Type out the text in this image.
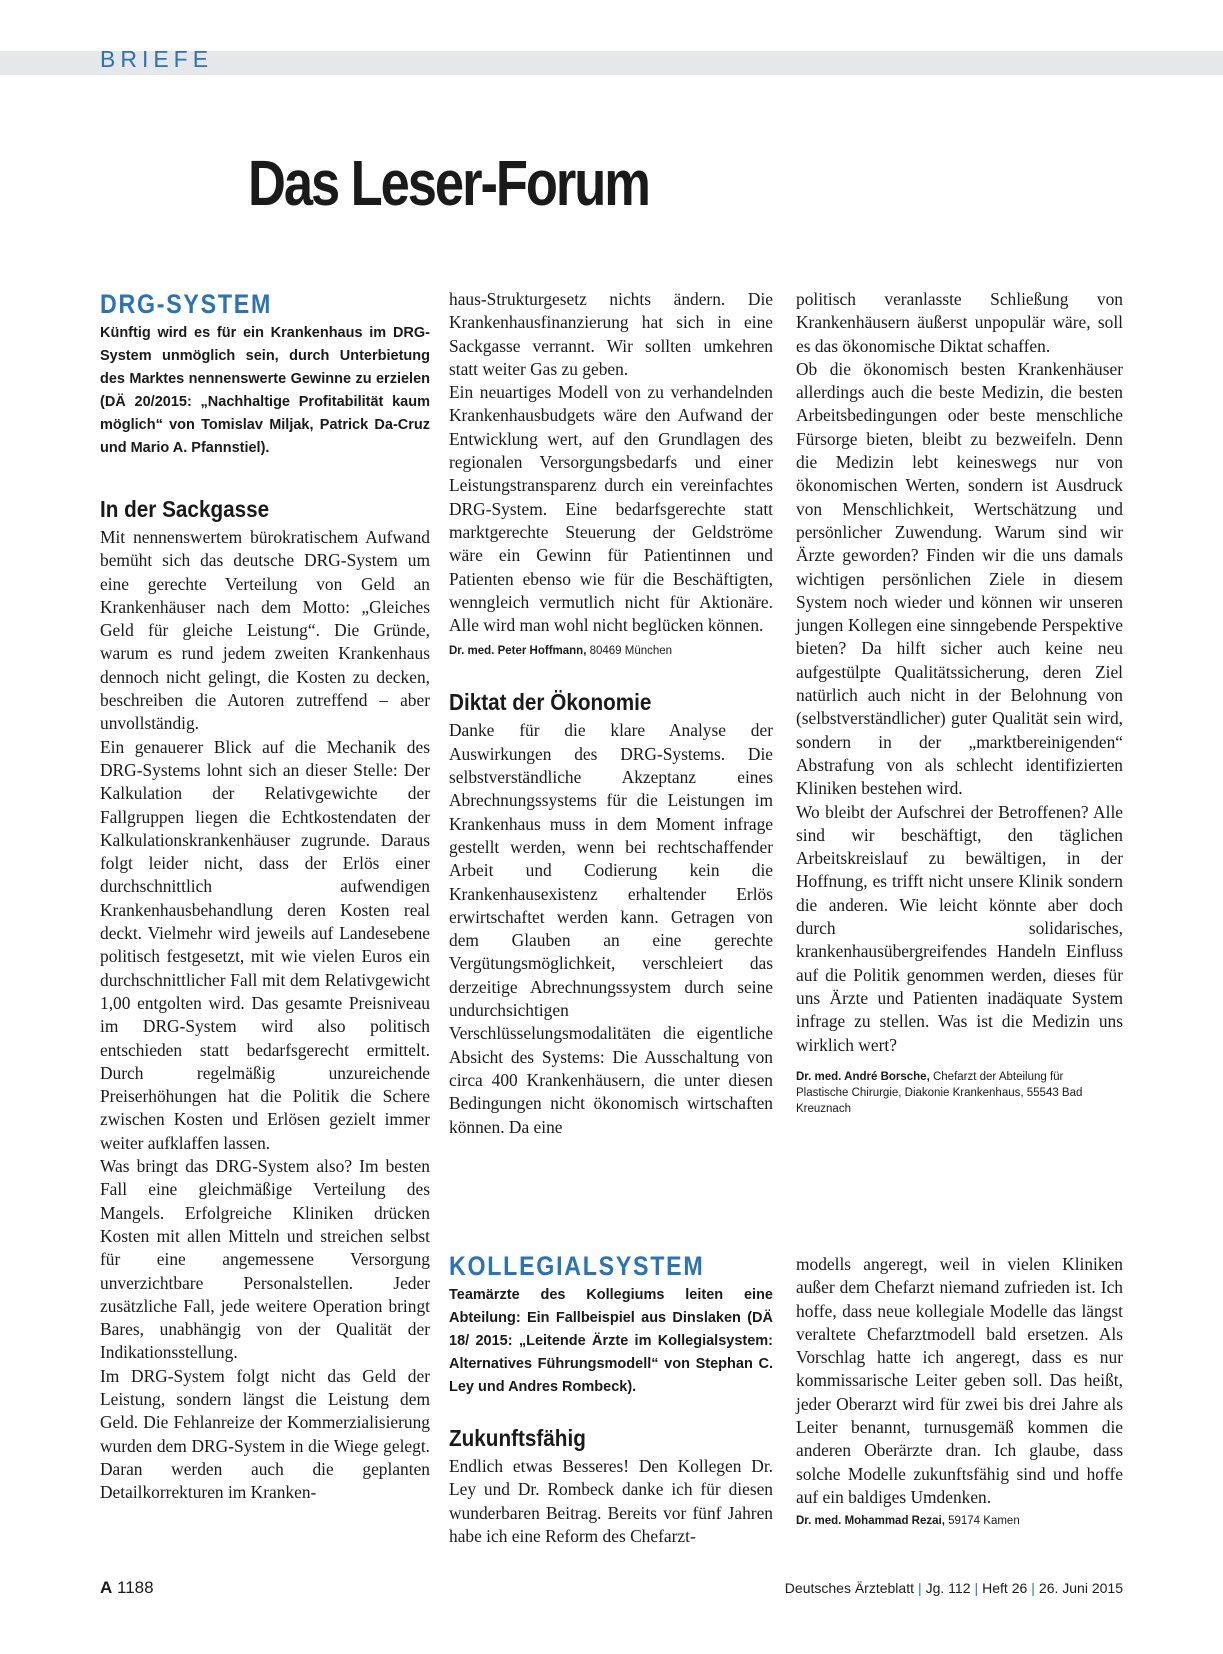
BRIEFE
Das Leser-Forum
DRG-SYSTEM

Künftig wird es für ein Krankenhaus im DRG-System unmöglich sein, durch Unterbietung des Marktes nennenswerte Gewinne zu erzielen (DÄ 20/2015: „Nachhaltige Profitabilität kaum möglich“ von Tomislav Miljak, Patrick Da-Cruz und Mario A. Pfannstiel).

In der Sackgasse

Mit nennenswertem bürokratischem Aufwand bemüht sich das deutsche DRG-System um eine gerechte Verteilung von Geld an Krankenhäuser nach dem Motto: „Gleiches Geld für gleiche Leistung“. Die Gründe, warum es rund jedem zweiten Krankenhaus dennoch nicht gelingt, die Kosten zu decken, beschreiben die Autoren zutreffend – aber unvollständig.
Ein genauerer Blick auf die Mechanik des DRG-Systems lohnt sich an dieser Stelle: Der Kalkulation der Relativgewichte der Fallgruppen liegen die Echtkostendaten der Kalkulationskrankenhäuser zugrunde. Daraus folgt leider nicht, dass der Erlös einer durchschnittlich aufwendigen Krankenhausbehandlung deren Kosten real deckt. Vielmehr wird jeweils auf Landesebene politisch festgesetzt, mit wie vielen Euros ein durchschnittlicher Fall mit dem Relativgewicht 1,00 entgolten wird. Das gesamte Preisniveau im DRG-System wird also politisch entschieden statt bedarfsgerecht ermittelt. Durch regelmäßig unzureichende Preiserhöhungen hat die Politik die Schere zwischen Kosten und Erlösen gezielt immer weiter aufklaffen lassen.
Was bringt das DRG-System also? Im besten Fall eine gleichmäßige Verteilung des Mangels. Erfolgreiche Kliniken drücken Kosten mit allen Mitteln und streichen selbst für eine angemessene Versorgung unverzichtbare Personalstellen. Jeder zusätzliche Fall, jede weitere Operation bringt Bares, unabhängig von der Qualität der Indikationsstellung.
Im DRG-System folgt nicht das Geld der Leistung, sondern längst die Leistung dem Geld. Die Fehlanreize der Kommerzialisierung wurden dem DRG-System in die Wiege gelegt. Daran werden auch die geplanten Detailkorrekturen im Kranken-

haus-Strukturgesetz nichts ändern. Die Krankenhausfinanzierung hat sich in eine Sackgasse verrannt. Wir sollten umkehren statt weiter Gas zu geben.
Ein neuartiges Modell von zu verhandelnden Krankenhausbudgets wäre den Aufwand der Entwicklung wert, auf den Grundlagen des regionalen Versorgungsbedarfs und einer Leistungstransparenz durch ein vereinfachtes DRG-System. Eine bedarfsgerechte statt marktgerechte Steuerung der Geldströme wäre ein Gewinn für Patientinnen und Patienten ebenso wie für die Beschäftigten, wenngleich vermutlich nicht für Aktionäre. Alle wird man wohl nicht beglücken können.

Dr. med. Peter Hoffmann, 80469 München

Diktat der Ökonomie

Danke für die klare Analyse der Auswirkungen des DRG-Systems. Die selbstverständliche Akzeptanz eines Abrechnungssystems für die Leistungen im Krankenhaus muss in dem Moment infrage gestellt werden, wenn bei rechtschaffender Arbeit und Codierung kein die Krankenhausexistenz erhaltender Erlös erwirtschaftet werden kann. Getragen von dem Glauben an eine gerechte Vergütungsmöglichkeit, verschleiert das derzeitige Abrechnungssystem durch seine undurchsichtigen Verschlüsselungsmodalitäten die eigentliche Absicht des Systems: Die Ausschaltung von circa 400 Krankenhäusern, die unter diesen Bedingungen nicht ökonomisch wirtschaften können. Da eine

politisch veranlasste Schließung von Krankenhäusern äußerst unpopulär wäre, soll es das ökonomische Diktat schaffen.
Ob die ökonomisch besten Krankenhäuser allerdings auch die beste Medizin, die besten Arbeitsbedingungen oder beste menschliche Fürsorge bieten, bleibt zu bezweifeln. Denn die Medizin lebt keineswegs nur von ökonomischen Werten, sondern ist Ausdruck von Menschlichkeit, Wertschätzung und persönlicher Zuwendung. Warum sind wir Ärzte geworden? Finden wir die uns damals wichtigen persönlichen Ziele in diesem System noch wieder und können wir unseren jungen Kollegen eine sinngebende Perspektive bieten? Da hilft sicher auch keine neu aufgestülpte Qualitätssicherung, deren Ziel natürlich auch nicht in der Belohnung von (selbstverständlicher) guter Qualität sein wird, sondern in der „marktbereinigenden“ Abstrafung von als schlecht identifizierten Kliniken bestehen wird.
Wo bleibt der Aufschrei der Betroffenen? Alle sind wir beschäftigt, den täglichen Arbeitskreislauf zu bewältigen, in der Hoffnung, es trifft nicht unsere Klinik sondern die anderen. Wie leicht könnte aber doch durch solidarisches, krankenhausübergreifendes Handeln Einfluss auf die Politik genommen werden, dieses für uns Ärzte und Patienten inadäquate System infrage zu stellen. Was ist die Medizin uns wirklich wert?

Dr. med. André Borsche, Chefarzt der Abteilung für Plastische Chirurgie, Diakonie Krankenhaus, 55543 Bad Kreuznach

KOLLEGIALSYSTEM

Teamärzte des Kollegiums leiten eine Abteilung: Ein Fallbeispiel aus Dinslaken (DÄ 18/ 2015: „Leitende Ärzte im Kollegialsystem: Alternatives Führungsmodell“ von Stephan C. Ley und Andres Rombeck).

Zukunftsfähig

Endlich etwas Besseres! Den Kollegen Dr. Ley und Dr. Rombeck danke ich für diesen wunderbaren Beitrag. Bereits vor fünf Jahren habe ich eine Reform des Chefarzt-

modells angeregt, weil in vielen Kliniken außer dem Chefarzt niemand zufrieden ist. Ich hoffe, dass neue kollegiale Modelle das längst veraltete Chefarztmodell bald ersetzen. Als Vorschlag hatte ich angeregt, dass es nur kommissarische Leiter geben soll. Das heißt, jeder Oberarzt wird für zwei bis drei Jahre als Leiter benannt, turnusgemäß kommen die anderen Oberärzte dran. Ich glaube, dass solche Modelle zukunftsfähig sind und hoffe auf ein baldiges Umdenken.

Dr. med. Mohammad Rezai, 59174 Kamen

A 1188	Deutsches Ärzteblatt | Jg. 112 | Heft 26 | 26. Juni 2015
